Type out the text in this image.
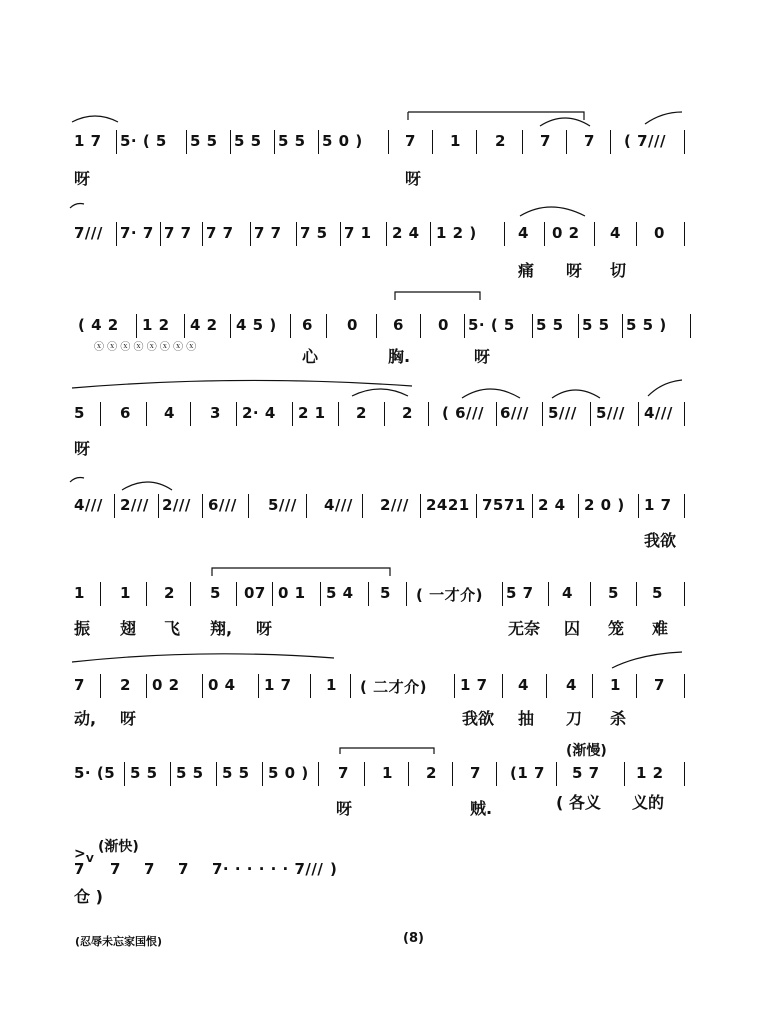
1 7 5· ( 5 5 5 5 5 5 5 5 0 )	7 1 2 7 7 ( 7///
呀	呀
7/// 7· 7 7 7 7 7 7 7 7 5 7 1 2 4 1 2 )	4 0 2 4 0
痛 呀 切
( 4 2 1 2 4 2 4 5 ) 6 0 6 0 5· ( 5 5 5 5 5 5 5 )
ⓧ ⓧ ⓧ ⓧ ⓧ ⓧ ⓧ ⓧ	心	胸.	呀
5 6 4 3 2· 4 2 1 2 2 ( 6/// 6/// 5/// 5/// 4///
呀
4/// 2/// 2/// 6/// 5/// 4/// 2/// 2421 7571 2 4 2 0 ) 1 7
我欲
1 1 2 5 07 0 1 5 4 5 ( 一才介) 5 7 4 5 5
振 翅 飞 翔, 呀	无奈 囚 笼 难
7 2 0 2 0 4 1 7 1 ( 二才介) 1 7 4 4 1 7
动, 呀	我欲 抽 刀 杀
(渐慢)
5· (5 5 5 5 5 5 5 5 0 ) 7 1 2 7 (1 7 5 7 1 2
呀	贼.	( 各义 义的
(渐快)
>
7
V
7 7 7 7· · · · · · 7/// )
仓 )
(忍辱未忘家国恨)	(8)
